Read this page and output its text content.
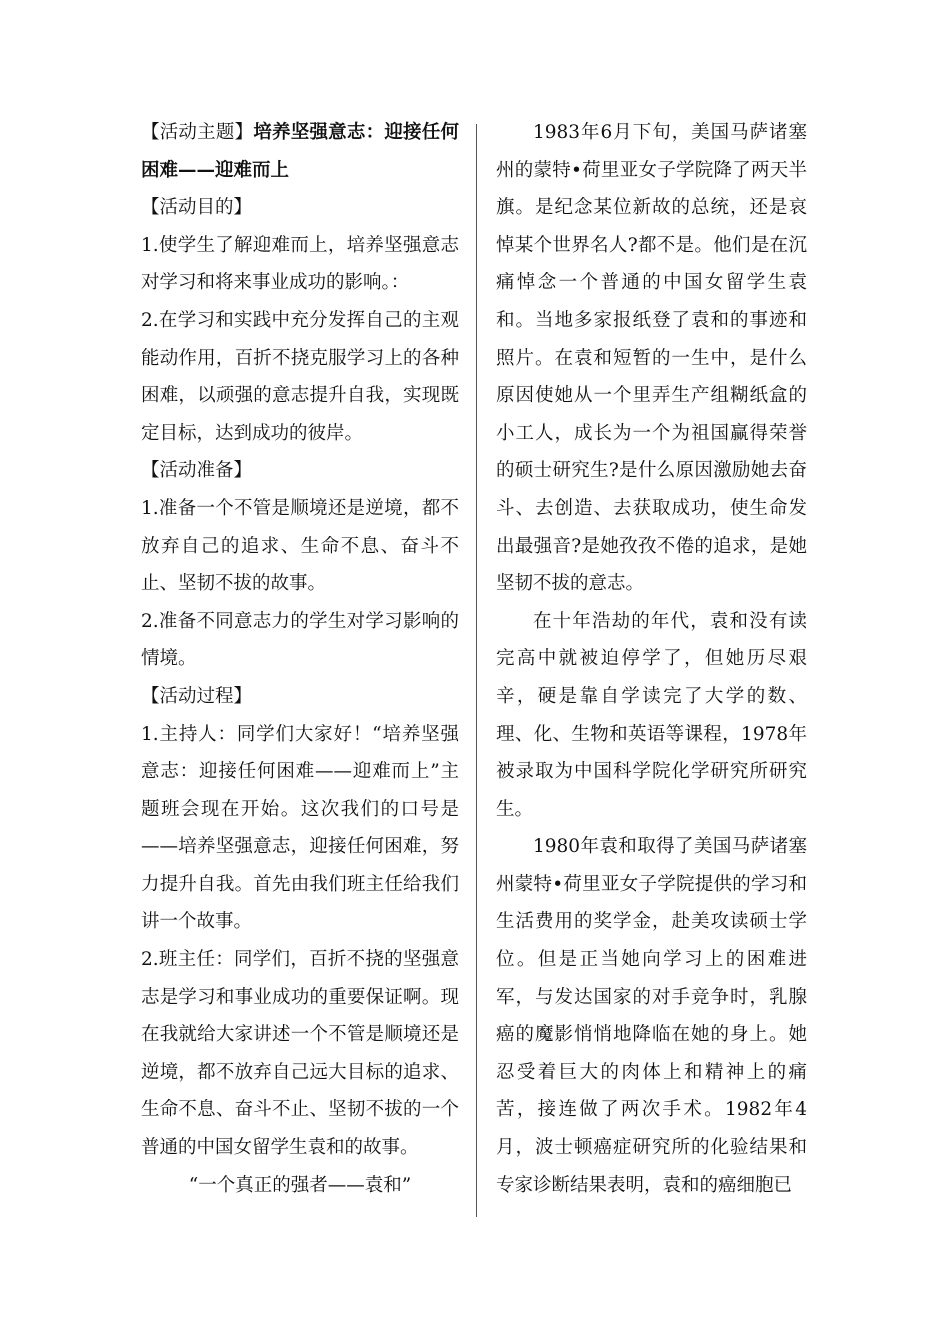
【活动主题】培养坚强意志：迎接任何困难——迎难而上

【活动目的】

1.使学生了解迎难而上，培养坚强意志对学习和将来事业成功的影响。：

2.在学习和实践中充分发挥自己的主观能动作用，百折不挠克服学习上的各种困难，以顽强的意志提升自我，实现既定目标，达到成功的彼岸。

【活动准备】

1.准备一个不管是顺境还是逆境，都不放弃自己的追求、生命不息、奋斗不止、坚韧不拔的故事。

2.准备不同意志力的学生对学习影响的情境。

【活动过程】

1.主持人：同学们大家好！“培养坚强意志：迎接任何困难——迎难而上”主题班会现在开始。这次我们的口号是——培养坚强意志，迎接任何困难，努力提升自我。首先由我们班主任给我们讲一个故事。

2.班主任：同学们，百折不挠的坚强意志是学习和事业成功的重要保证啊。现在我就给大家讲述一个不管是顺境还是逆境，都不放弃自己远大目标的追求、生命不息、奋斗不止、坚韧不拔的一个普通的中国女留学生袁和的故事。

“一个真正的强者——袁和”

1983年6月下旬，美国马萨诸塞州的蒙特•荷里亚女子学院降了两天半旗。是纪念某位新故的总统，还是哀悼某个世界名人?都不是。他们是在沉痛悼念一个普通的中国女留学生袁和。当地多家报纸登了袁和的事迹和照片。在袁和短暂的一生中，是什么原因使她从一个里弄生产组糊纸盒的小工人，成长为一个为祖国赢得荣誉的硕士研究生?是什么原因激励她去奋斗、去创造、去获取成功，使生命发出最强音?是她孜孜不倦的追求，是她坚韧不拔的意志。

在十年浩劫的年代，袁和没有读完高中就被迫停学了，但她历尽艰辛，硬是靠自学读完了大学的数、理、化、生物和英语等课程，1978年被录取为中国科学院化学研究所研究生。

1980年袁和取得了美国马萨诸塞州蒙特•荷里亚女子学院提供的学习和生活费用的奖学金，赴美攻读硕士学位。但是正当她向学习上的困难进军，与发达国家的对手竞争时，乳腺癌的魔影悄悄地降临在她的身上。她忍受着巨大的肉体上和精神上的痛苦，接连做了两次手术。1982年4月，波士顿癌症研究所的化验结果和专家诊断结果表明，袁和的癌细胞已
